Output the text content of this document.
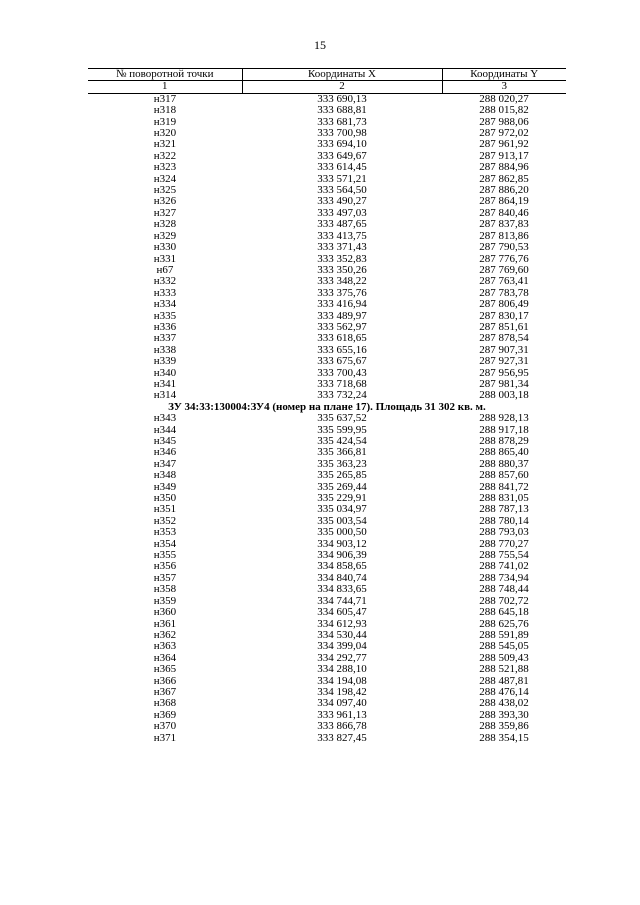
15
№ поворотной точки	Координаты X	Координаты Y
1	2	3
н317	333 690,13	288 020,27
н318	333 688,81	288 015,82
н319	333 681,73	287 988,06
н320	333 700,98	287 972,02
н321	333 694,10	287 961,92
н322	333 649,67	287 913,17
н323	333 614,45	287 884,96
н324	333 571,21	287 862,85
н325	333 564,50	287 886,20
н326	333 490,27	287 864,19
н327	333 497,03	287 840,46
н328	333 487,65	287 837,83
н329	333 413,75	287 813,86
н330	333 371,43	287 790,53
н331	333 352,83	287 776,76
н67	333 350,26	287 769,60
н332	333 348,22	287 763,41
н333	333 375,76	287 783,78
н334	333 416,94	287 806,49
н335	333 489,97	287 830,17
н336	333 562,97	287 851,61
н337	333 618,65	287 878,54
н338	333 655,16	287 907,31
н339	333 675,67	287 927,31
н340	333 700,43	287 956,95
н341	333 718,68	287 981,34
н314	333 732,24	288 003,18
ЗУ 34:33:130004:ЗУ4 (номер на плане 17). Площадь 31 302 кв. м.		
н343	335 637,52	288 928,13
н344	335 599,95	288 917,18
н345	335 424,54	288 878,29
н346	335 366,81	288 865,40
н347	335 363,23	288 880,37
н348	335 265,85	288 857,60
н349	335 269,44	288 841,72
н350	335 229,91	288 831,05
н351	335 034,97	288 787,13
н352	335 003,54	288 780,14
н353	335 000,50	288 793,03
н354	334 903,12	288 770,27
н355	334 906,39	288 755,54
н356	334 858,65	288 741,02
н357	334 840,74	288 734,94
н358	334 833,65	288 748,44
н359	334 744,71	288 702,72
н360	334 605,47	288 645,18
н361	334 612,93	288 625,76
н362	334 530,44	288 591,89
н363	334 399,04	288 545,05
н364	334 292,77	288 509,43
н365	334 288,10	288 521,88
н366	334 194,08	288 487,81
н367	334 198,42	288 476,14
н368	334 097,40	288 438,02
н369	333 961,13	288 393,30
н370	333 866,78	288 359,86
н371	333 827,45	288 354,15
